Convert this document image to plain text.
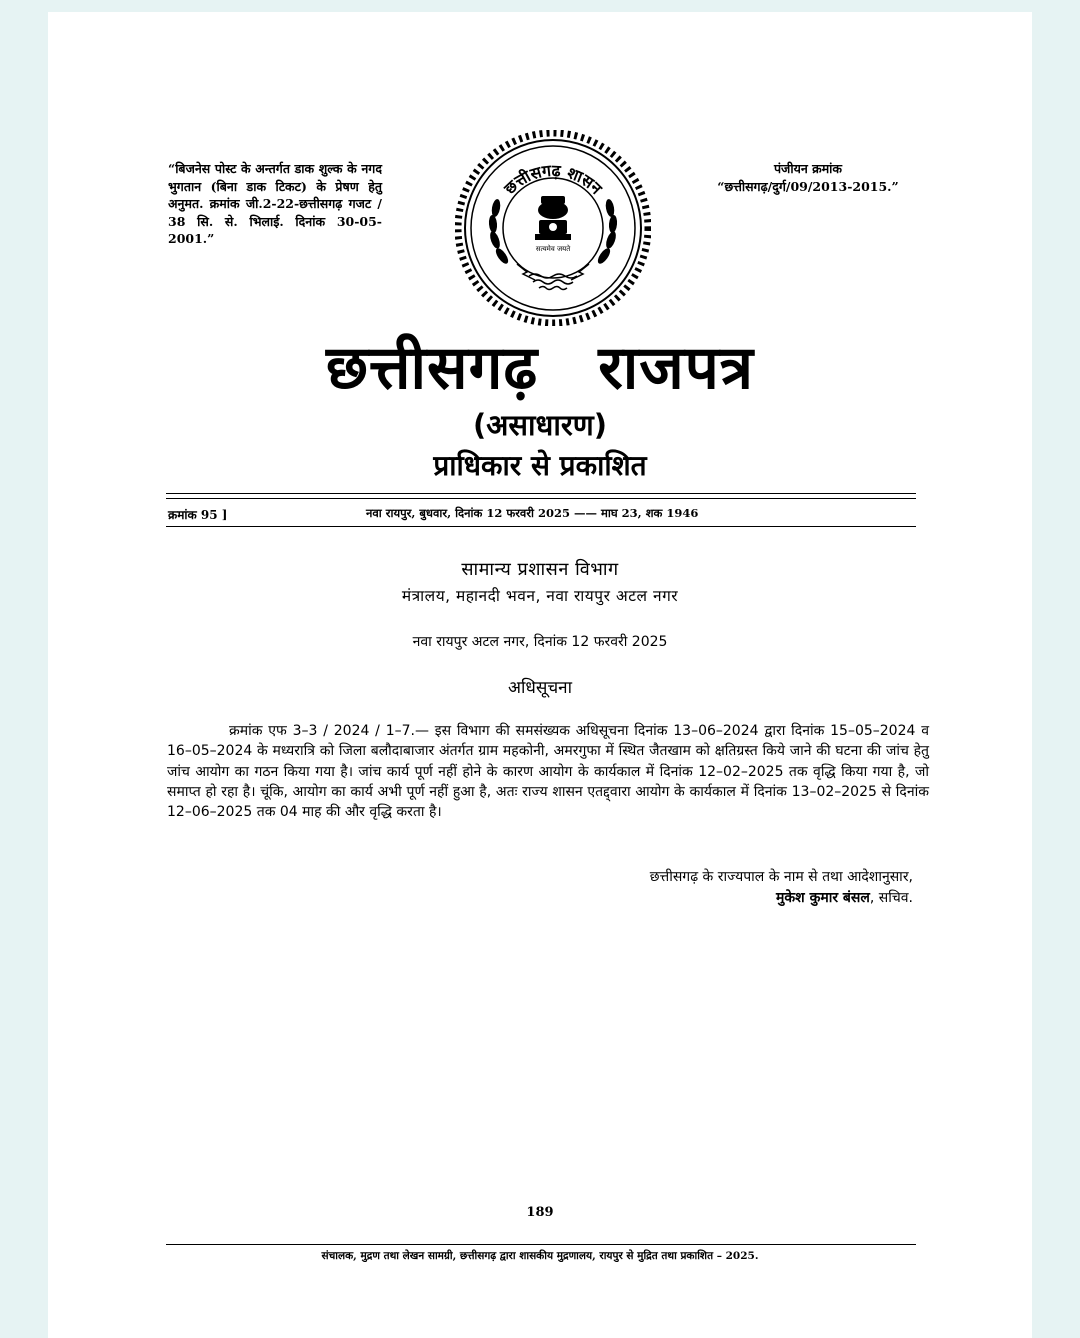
“बिजनेस पोस्ट के अन्तर्गत डाक शुल्क के नगद भुगतान (बिना डाक टिकट) के प्रेषण हेतु अनुमत. क्रमांक जी.2-22-छत्तीसगढ़ गजट / 38 सि. से. भिलाई. दिनांक 30-05-2001.”
छत्तीसगढ़ शासन
सत्यमेव जयते
पंजीयन क्रमांक
“छत्तीसगढ़/दुर्ग/09/2013-2015.”
छत्तीसगढ़ राजपत्र
(असाधारण)
प्राधिकार से प्रकाशित
क्रमांक 95 ]	नवा रायपुर, बुधवार, दिनांक 12 फरवरी 2025 —— माघ 23, शक 1946
सामान्य प्रशासन विभाग
मंत्रालय, महानदी भवन, नवा रायपुर अटल नगर
नवा रायपुर अटल नगर, दिनांक 12 फरवरी 2025
अधिसूचना

क्रमांक एफ 3–3 / 2024 / 1–7.— इस विभाग की समसंख्यक अधिसूचना दिनांक 13–06–2024 द्वारा दिनांक 15–05–2024 व 16–05–2024 के मध्यरात्रि को जिला बलौदाबाजार अंतर्गत ग्राम महकोनी, अमरगुफा में स्थित जैतखाम को क्षतिग्रस्त किये जाने की घटना की जांच हेतु जांच आयोग का गठन किया गया है। जांच कार्य पूर्ण नहीं होने के कारण आयोग के कार्यकाल में दिनांक 12–02–2025 तक वृद्धि किया गया है, जो समाप्त हो रहा है। चूंकि, आयोग का कार्य अभी पूर्ण नहीं हुआ है, अतः राज्य शासन एतद्द्वारा आयोग के कार्यकाल में दिनांक 13–02–2025 से दिनांक 12–06–2025 तक 04 माह की और वृद्धि करता है।

छत्तीसगढ़ के राज्यपाल के नाम से तथा आदेशानुसार,
मुकेश कुमार बंसल, सचिव.
189
संचालक, मुद्रण तथा लेखन सामग्री, छत्तीसगढ़ द्वारा शासकीय मुद्रणालय, रायपुर से मुद्रित तथा प्रकाशित – 2025.
